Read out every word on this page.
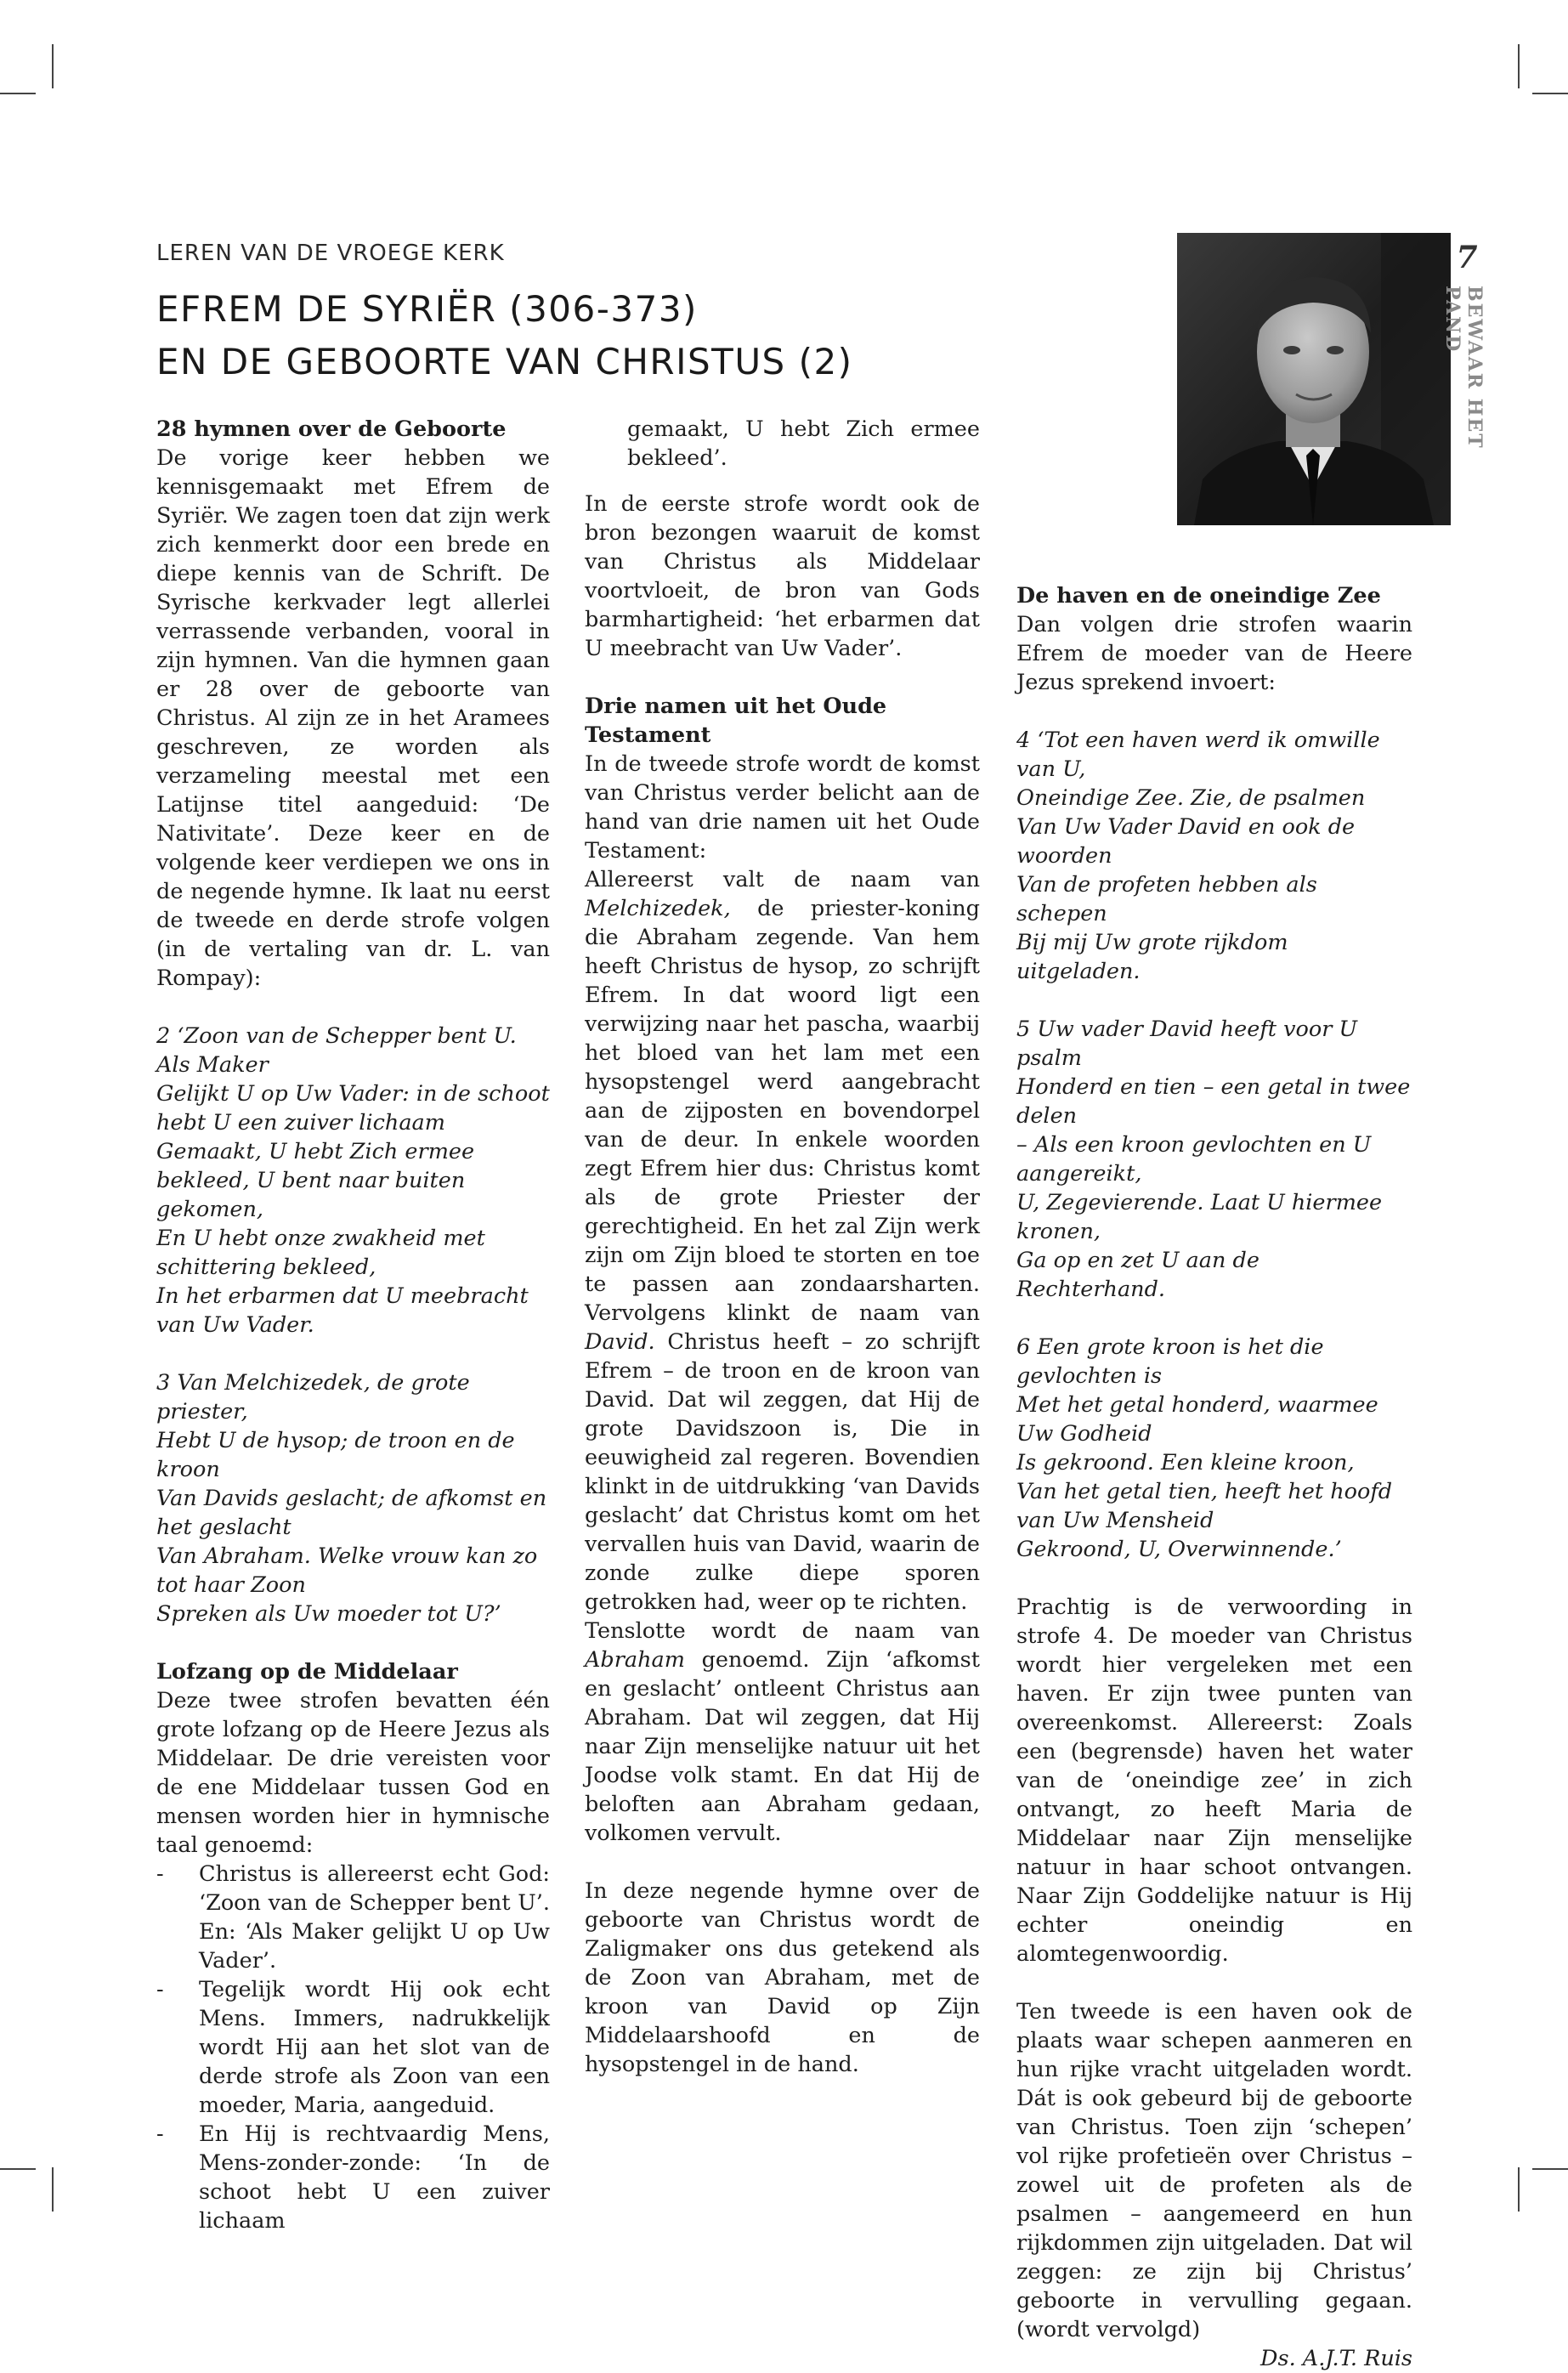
LEREN VAN DE VROEGE KERK
EFREM DE SYRIËR (306-373)
EN DE GEBOORTE VAN CHRISTUS (2)
7
BEWAAR HET PAND
28 hymnen over de Geboorte

De vorige keer hebben we kennisgemaakt met Efrem de Syriër. We zagen toen dat zijn werk zich kenmerkt door een brede en diepe kennis van de Schrift. De Syrische kerkvader legt allerlei verrassende verbanden, vooral in zijn hymnen. Van die hymnen gaan er 28 over de geboorte van Christus. Al zijn ze in het Aramees geschreven, ze worden als verzameling meestal met een Latijnse titel aangeduid: ‘De Nativitate’. Deze keer en de volgende keer verdiepen we ons in de negende hymne. Ik laat nu eerst de tweede en derde strofe volgen (in de vertaling van dr. L. van Rompay):

2 ‘Zoon van de Schepper bent U. Als Maker

Gelijkt U op Uw Vader: in de schoot hebt U een zuiver lichaam

Gemaakt, U hebt Zich ermee bekleed, U bent naar buiten gekomen,

En U hebt onze zwakheid met schittering bekleed,

In het erbarmen dat U meebracht van Uw Vader.

3 Van Melchizedek, de grote priester,

Hebt U de hysop; de troon en de kroon

Van Davids geslacht; de afkomst en het geslacht

Van Abraham. Welke vrouw kan zo tot haar Zoon

Spreken als Uw moeder tot U?’

Lofzang op de Middelaar

Deze twee strofen bevatten één grote lofzang op de Heere Jezus als Middelaar. De drie vereisten voor de ene Middelaar tussen God en mensen worden hier in hymnische taal genoemd:

- Christus is allereerst echt God: ‘Zoon van de Schepper bent U’. En: ‘Als Maker gelijkt U op Uw Vader’.
- Tegelijk wordt Hij ook echt Mens. Immers, nadrukkelijk wordt Hij aan het slot van de derde strofe als Zoon van een moeder, Maria, aangeduid.
- En Hij is rechtvaardig Mens, Mens-zonder-zonde: ‘In de schoot hebt U een zuiver lichaam

gemaakt, U hebt Zich ermee bekleed’.

In de eerste strofe wordt ook de bron bezongen waaruit de komst van Christus als Middelaar voortvloeit, de bron van Gods barmhartigheid: ‘het erbarmen dat U meebracht van Uw Vader’.

Drie namen uit het Oude Testament

In de tweede strofe wordt de komst van Christus verder belicht aan de hand van drie namen uit het Oude Testament:

Allereerst valt de naam van Melchizedek, de priester-koning die Abraham zegende. Van hem heeft Christus de hysop, zo schrijft Efrem. In dat woord ligt een verwijzing naar het pascha, waarbij het bloed van het lam met een hysopstengel werd aangebracht aan de zijposten en bovendorpel van de deur. In enkele woorden zegt Efrem hier dus: Christus komt als de grote Priester der gerechtigheid. En het zal Zijn werk zijn om Zijn bloed te storten en toe te passen aan zondaarsharten. Vervolgens klinkt de naam van David. Christus heeft – zo schrijft Efrem – de troon en de kroon van David. Dat wil zeggen, dat Hij de grote Davidszoon is, Die in eeuwigheid zal regeren. Bovendien klinkt in de uitdrukking ‘van Davids geslacht’ dat Christus komt om het vervallen huis van David, waarin de zonde zulke diepe sporen getrokken had, weer op te richten.

Tenslotte wordt de naam van Abraham genoemd. Zijn ‘afkomst en geslacht’ ontleent Christus aan Abraham. Dat wil zeggen, dat Hij naar Zijn menselijke natuur uit het Joodse volk stamt. En dat Hij de beloften aan Abraham gedaan, volkomen vervult.

In deze negende hymne over de geboorte van Christus wordt de Zaligmaker ons dus getekend als de Zoon van Abraham, met de kroon van David op Zijn Middelaarshoofd en de hysopstengel in de hand.

De haven en de oneindige Zee

Dan volgen drie strofen waarin Efrem de moeder van de Heere Jezus sprekend invoert:

4 ‘Tot een haven werd ik omwille van U,

Oneindige Zee. Zie, de psalmen

Van Uw Vader David en ook de woorden

Van de profeten hebben als schepen

Bij mij Uw grote rijkdom uitgeladen.

5 Uw vader David heeft voor U psalm

Honderd en tien – een getal in twee delen

– Als een kroon gevlochten en U aangereikt,

U, Zegevierende. Laat U hiermee kronen,

Ga op en zet U aan de Rechterhand.

6 Een grote kroon is het die gevlochten is

Met het getal honderd, waarmee Uw Godheid

Is gekroond. Een kleine kroon,

Van het getal tien, heeft het hoofd van Uw Mensheid

Gekroond, U, Overwinnende.’

Prachtig is de verwoording in strofe 4. De moeder van Christus wordt hier vergeleken met een haven. Er zijn twee punten van overeenkomst. Allereerst: Zoals een (begrensde) haven het water van de ‘oneindige zee’ in zich ontvangt, zo heeft Maria de Middelaar naar Zijn menselijke natuur in haar schoot ontvangen. Naar Zijn Goddelijke natuur is Hij echter oneindig en alomtegenwoordig.

Ten tweede is een haven ook de plaats waar schepen aanmeren en hun rijke vracht uitgeladen wordt. Dát is ook gebeurd bij de geboorte van Christus. Toen zijn ‘schepen’ vol rijke profetieën over Christus – zowel uit de profeten als de psalmen – aangemeerd en hun rijkdommen zijn uitgeladen. Dat wil zeggen: ze zijn bij Christus’ geboorte in vervulling gegaan. (wordt vervolgd)

Ds. A.J.T. Ruis
